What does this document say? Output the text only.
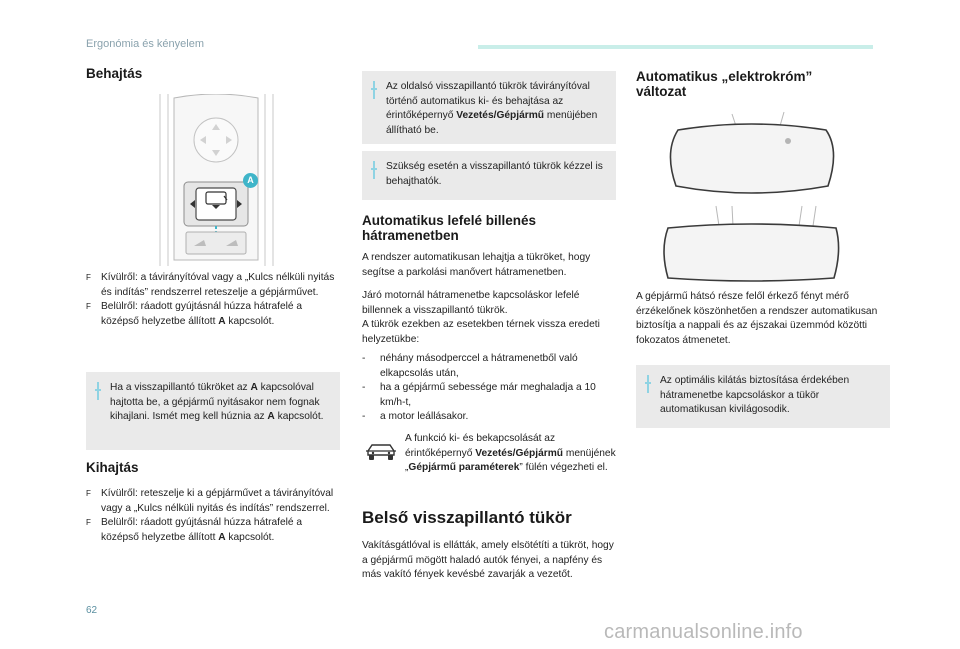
Ergonómia és kényelem
Behajtás
A
F Kívülről: a távirányítóval vagy a „Kulcs nélküli nyitás és indítás” rendszerrel reteszelje a gépjárművet.
F Belülről: ráadott gyújtásnál húzza hátrafelé a középső helyzetbe állított A kapcsolót.
Ha a visszapillantó tükröket az A kapcsolóval hajtotta be, a gépjármű nyitásakor nem fognak kihajlani. Ismét meg kell húznia az A kapcsolót.
Kihajtás
F Kívülről: reteszelje ki a gépjárművet a távirányítóval vagy a „Kulcs nélküli nyitás és indítás” rendszerrel.
F Belülről: ráadott gyújtásnál húzza hátrafelé a középső helyzetbe állított A kapcsolót.
Az oldalsó visszapillantó tükrök távirányítóval történő automatikus ki- és behajtása az érintőképernyő Vezetés/Gépjármű menüjében állítható be.
Szükség esetén a visszapillantó tükrök kézzel is behajthatók.
Automatikus lefelé billenés hátramenetben

A rendszer automatikusan lehajtja a tükröket, hogy segítse a parkolási manővert hátramenetben.

Járó motornál hátramenetbe kapcsoláskor lefelé billennek a visszapillantó tükrök.

A tükrök ezekben az esetekben térnek vissza eredeti helyzetükbe:

- néhány másodperccel a hátramenetből való elkapcsolás után,
- ha a gépjármű sebessége már meghaladja a 10 km/h-t,
- a motor leállásakor.
A funkció ki- és bekapcsolását az érintőképernyő Vezetés/Gépjármű menüjének „Gépjármű paraméterek” fülén végezheti el.
Belső visszapillantó tükör

Vakításgátlóval is ellátták, amely elsötétíti a tükröt, hogy a gépjármű mögött haladó autók fényei, a napfény és más vakító fények kevésbé zavarják a vezetőt.

Automatikus „elektrokróm” változat

A gépjármű hátsó része felől érkező fényt mérő érzékelőnek köszönhetően a rendszer automatikusan biztosítja a nappali és az éjszakai üzemmód közötti fokozatos átmenetet.

Az optimális kilátás biztosítása érdekében hátramenetbe kapcsoláskor a tükör automatikusan kivilágosodik.
62
carmanualsonline.info
